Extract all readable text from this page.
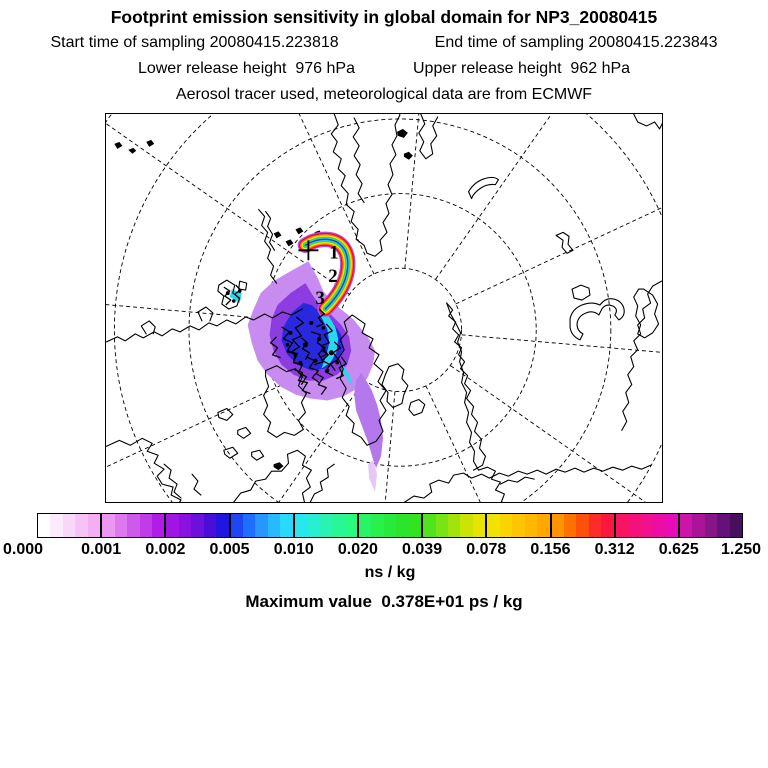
Footprint emission sensitivity in global domain for NP3_20080415
Start time of sampling 20080415.223818	End time of sampling 20080415.223843
Lower release height  976 hPa	Upper release height  962 hPa
Aerosol tracer used, meteorological data are from ECMWF
1
2
3
0.000 0.001 0.002 0.005 0.010 0.020 0.039 0.078 0.156 0.312 0.625 1.250
ns / kg
Maximum value  0.378E+01 ps / kg
